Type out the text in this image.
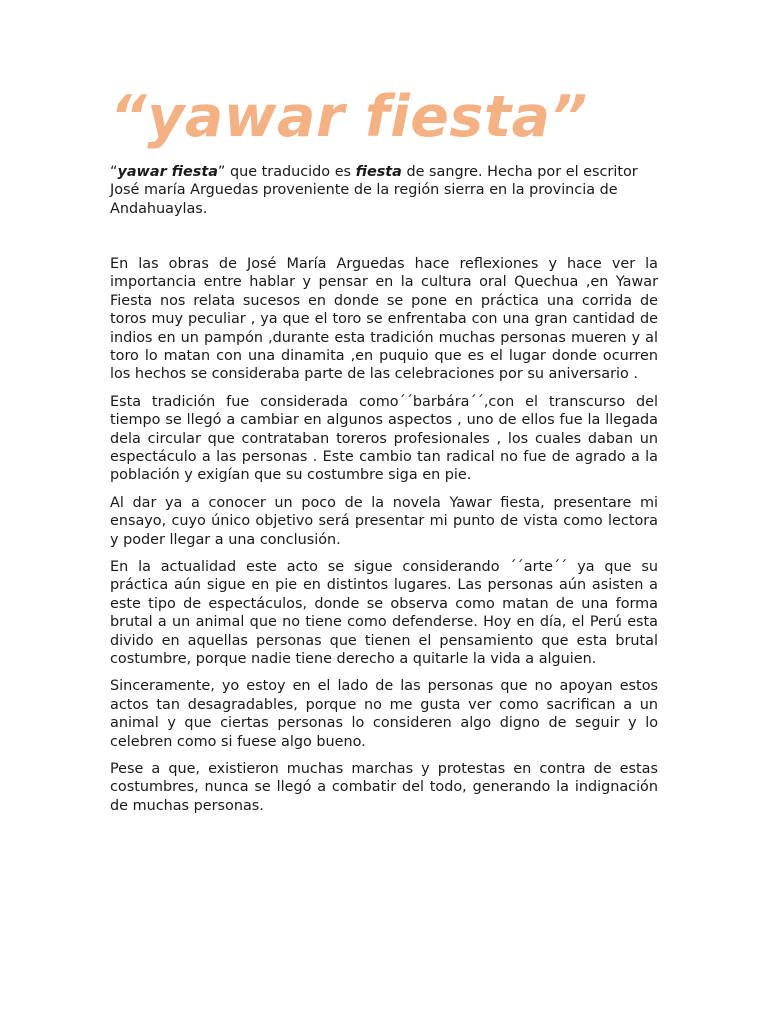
“yawar fiesta”

“yawar fiesta” que traducido es fiesta de sangre. Hecha por el escritor José maría Arguedas proveniente de la región sierra en la provincia de Andahuaylas.

En las obras de José María Arguedas hace reflexiones y hace ver la importancia entre hablar y pensar en la cultura oral Quechua ,en Yawar Fiesta nos relata sucesos en donde se pone en práctica una corrida de toros muy peculiar , ya que el toro se enfrentaba con una gran cantidad de indios en un pampón ,durante esta tradición muchas personas mueren y al toro lo matan con una dinamita ,en puquio que es el lugar donde ocurren los hechos se consideraba parte de las celebraciones por su aniversario .

Esta tradición fue considerada como´´barbára´´,con el transcurso del tiempo se llegó a cambiar en algunos aspectos , uno de ellos fue la llegada dela circular que contrataban toreros profesionales , los cuales daban un espectáculo a las personas . Este cambio tan radical no fue de agrado a la población y exigían que su costumbre siga en pie.

Al dar ya a conocer un poco de la novela Yawar fiesta, presentare mi ensayo, cuyo único objetivo será presentar mi punto de vista como lectora y poder llegar a una conclusión.

En la actualidad este acto se sigue considerando ´´arte´´ ya que su práctica aún sigue en pie en distintos lugares. Las personas aún asisten a este tipo de espectáculos, donde se observa como matan de una forma brutal a un animal que no tiene como defenderse. Hoy en día, el Perú esta divido en aquellas personas que tienen el pensamiento que esta brutal costumbre, porque nadie tiene derecho a quitarle la vida a alguien.

Sinceramente, yo estoy en el lado de las personas que no apoyan estos actos tan desagradables, porque no me gusta ver como sacrifican a un animal y que ciertas personas lo consideren algo digno de seguir y lo celebren como si fuese algo bueno.

Pese a que, existieron muchas marchas y protestas en contra de estas costumbres, nunca se llegó a combatir del todo, generando la indignación de muchas personas.
